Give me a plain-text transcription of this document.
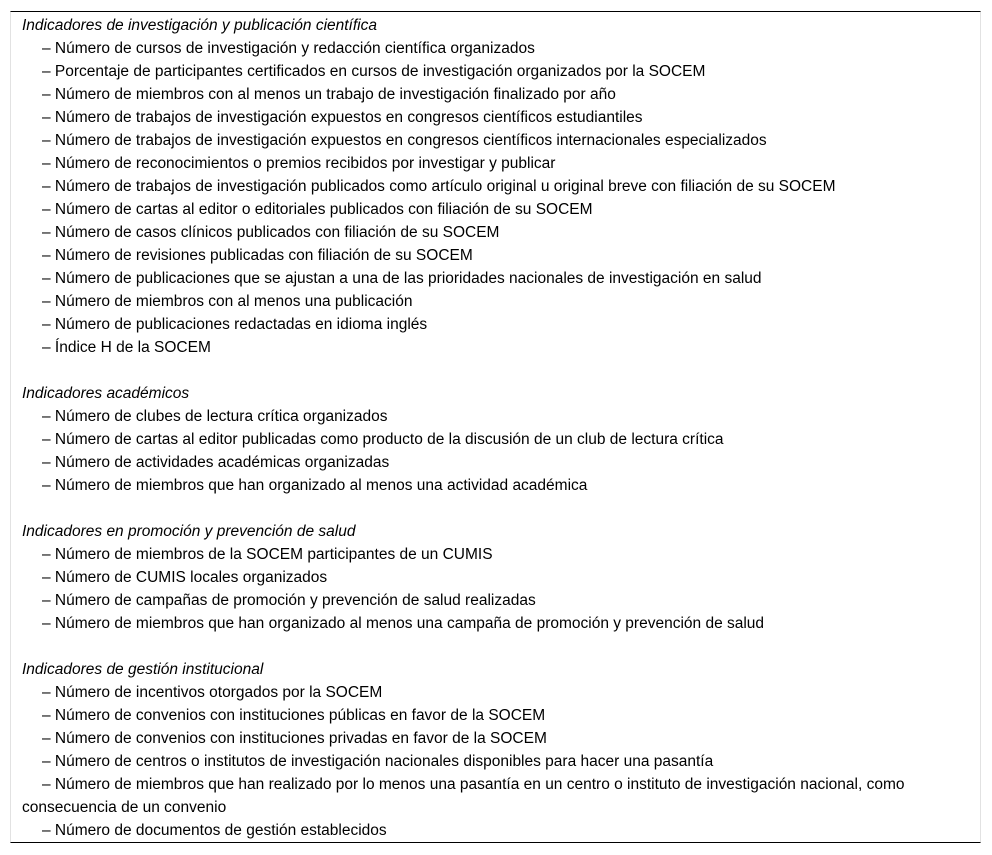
Indicadores de investigación y publicación científica
– Número de cursos de investigación y redacción científica organizados
– Porcentaje de participantes certificados en cursos de investigación organizados por la SOCEM
– Número de miembros con al menos un trabajo de investigación finalizado por año
– Número de trabajos de investigación expuestos en congresos científicos estudiantiles
– Número de trabajos de investigación expuestos en congresos científicos internacionales especializados
– Número de reconocimientos o premios recibidos por investigar y publicar
– Número de trabajos de investigación publicados como artículo original u original breve con filiación de su SOCEM
– Número de cartas al editor o editoriales publicados con filiación de su SOCEM
– Número de casos clínicos publicados con filiación de su SOCEM
– Número de revisiones publicadas con filiación de su SOCEM
– Número de publicaciones que se ajustan a una de las prioridades nacionales de investigación en salud
– Número de miembros con al menos una publicación
– Número de publicaciones redactadas en idioma inglés
– Índice H de la SOCEM
Indicadores académicos
– Número de clubes de lectura crítica organizados
– Número de cartas al editor publicadas como producto de la discusión de un club de lectura crítica
– Número de actividades académicas organizadas
– Número de miembros que han organizado al menos una actividad académica
Indicadores en promoción y prevención de salud
– Número de miembros de la SOCEM participantes de un CUMIS
– Número de CUMIS locales organizados
– Número de campañas de promoción y prevención de salud realizadas
– Número de miembros que han organizado al menos una campaña de promoción y prevención de salud
Indicadores de gestión institucional
– Número de incentivos otorgados por la SOCEM
– Número de convenios con instituciones públicas en favor de la SOCEM
– Número de convenios con instituciones privadas en favor de la SOCEM
– Número de centros o institutos de investigación nacionales disponibles para hacer una pasantía
– Número de miembros que han realizado por lo menos una pasantía en un centro o instituto de investigación nacional, como consecuencia de un convenio
– Número de documentos de gestión establecidos
